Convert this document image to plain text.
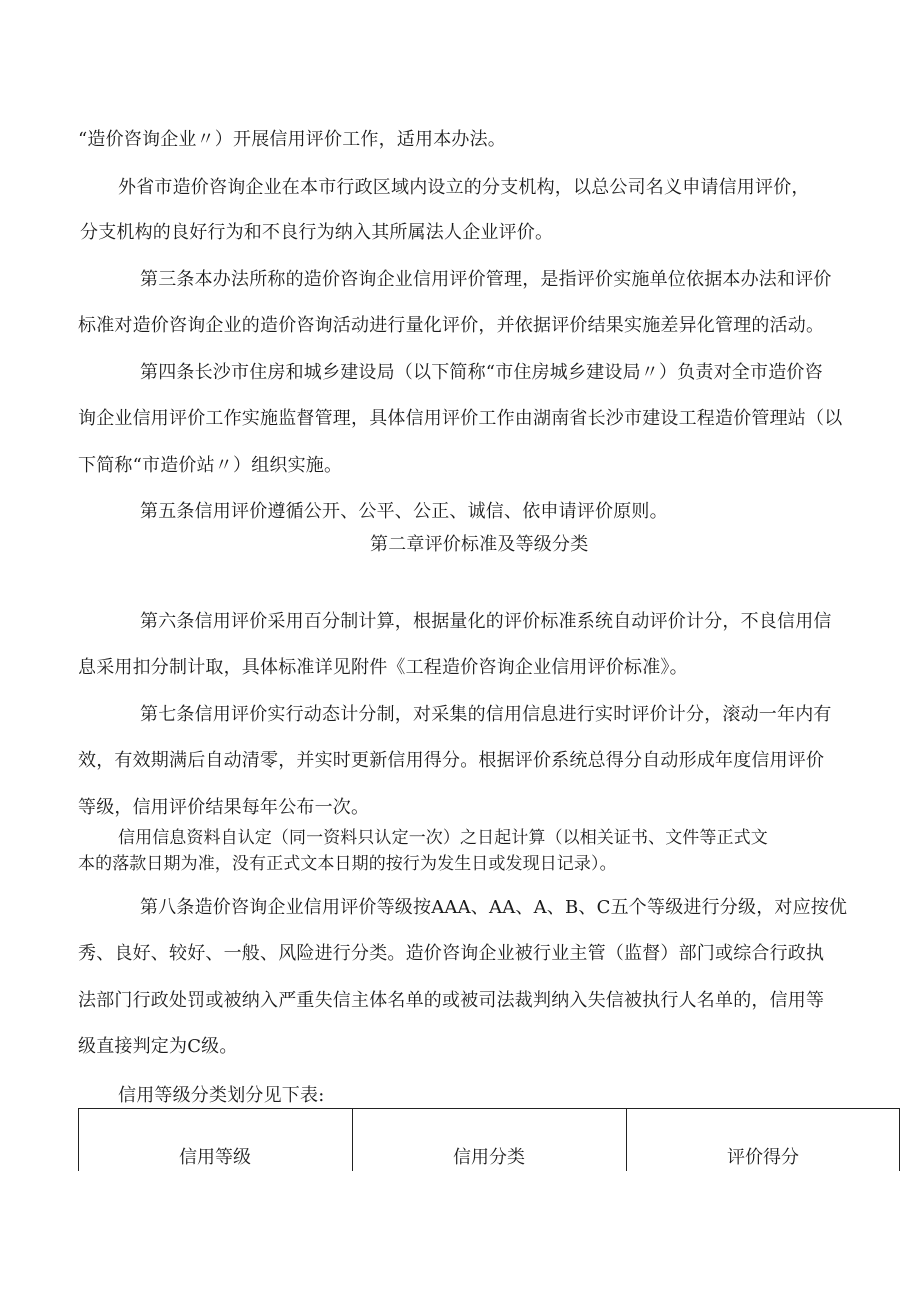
“造价咨询企业〃）开展信用评价工作，适用本办法。
外省市造价咨询企业在本市行政区域内设立的分支机构，以总公司名义申请信用评价，
分支机构的良好行为和不良行为纳入其所属法人企业评价。
第三条本办法所称的造价咨询企业信用评价管理，是指评价实施单位依据本办法和评价
标准对造价咨询企业的造价咨询活动进行量化评价，并依据评价结果实施差异化管理的活动。
第四条长沙市住房和城乡建设局（以下简称“市住房城乡建设局〃）负责对全市造价咨
询企业信用评价工作实施监督管理，具体信用评价工作由湖南省长沙市建设工程造价管理站（以
下简称“市造价站〃）组织实施。
第五条信用评价遵循公开、公平、公正、诚信、依申请评价原则。
第二章评价标准及等级分类
第六条信用评价采用百分制计算，根据量化的评价标准系统自动评价计分，不良信用信
息采用扣分制计取，具体标准详见附件《工程造价咨询企业信用评价标准》。
第七条信用评价实行动态计分制，对采集的信用信息进行实时评价计分，滚动一年内有
效，有效期满后自动清零，并实时更新信用得分。根据评价系统总得分自动形成年度信用评价
等级，信用评价结果每年公布一次。
信用信息资料自认定（同一资料只认定一次）之日起计算（以相关证书、文件等正式文
本的落款日期为准，没有正式文本日期的按行为发生日或发现日记录）。
第八条造价咨询企业信用评价等级按AAA、AA、A、B、C五个等级进行分级，对应按优
秀、良好、较好、一般、风险进行分类。造价咨询企业被行业主管（监督）部门或综合行政执
法部门行政处罚或被纳入严重失信主体名单的或被司法裁判纳入失信被执行人名单的，信用等
级直接判定为C级。
信用等级分类划分见下表:
信用等级	信用分类	评价得分
